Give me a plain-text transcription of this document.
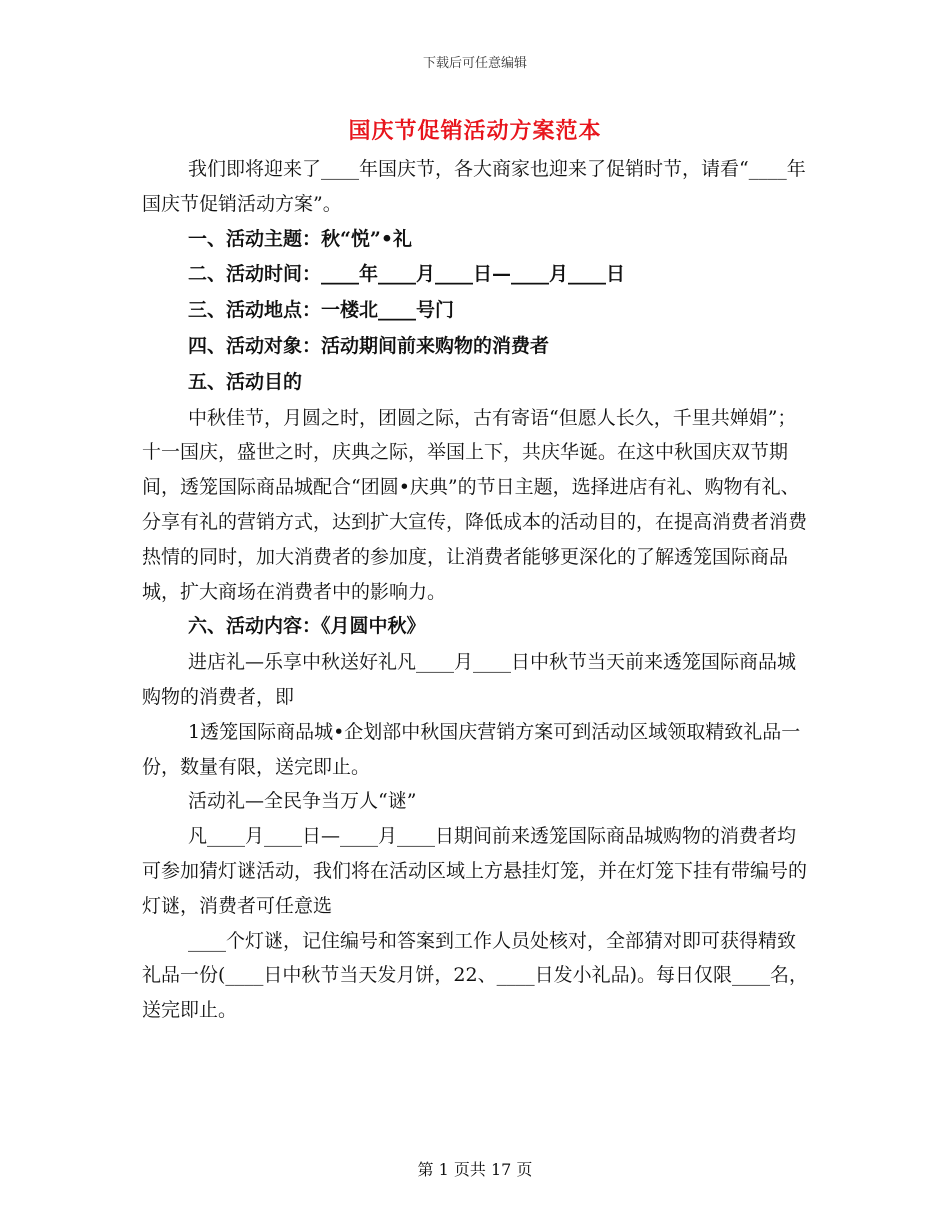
下载后可任意编辑
国庆节促销活动方案范本

我们即将迎来了____年国庆节，各大商家也迎来了促销时节，请看“____年国庆节促销活动方案”。

一、活动主题：秋“悦”•礼

二、活动时间：____年____月____日—____月____日

三、活动地点：一楼北____号门

四、活动对象：活动期间前来购物的消费者

五、活动目的

中秋佳节，月圆之时，团圆之际，古有寄语“但愿人长久，千里共婵娟”；十一国庆，盛世之时，庆典之际，举国上下，共庆华诞。在这中秋国庆双节期间，透笼国际商品城配合“团圆•庆典”的节日主题，选择进店有礼、购物有礼、分享有礼的营销方式，达到扩大宣传，降低成本的活动目的，在提高消费者消费热情的同时，加大消费者的参加度，让消费者能够更深化的了解透笼国际商品城，扩大商场在消费者中的影响力。

六、活动内容：《月圆中秋》

进店礼—乐享中秋送好礼凡____月____日中秋节当天前来透笼国际商品城购物的消费者，即

1透笼国际商品城•企划部中秋国庆营销方案可到活动区域领取精致礼品一份，数量有限，送完即止。

活动礼—全民争当万人“谜”

凡____月____日—____月____日期间前来透笼国际商品城购物的消费者均可参加猜灯谜活动，我们将在活动区域上方悬挂灯笼，并在灯笼下挂有带编号的灯谜，消费者可任意选

____个灯谜，记住编号和答案到工作人员处核对，全部猜对即可获得精致礼品一份(____日中秋节当天发月饼，22、____日发小礼品)。每日仅限____名，送完即止。

第 1 页共 17 页
